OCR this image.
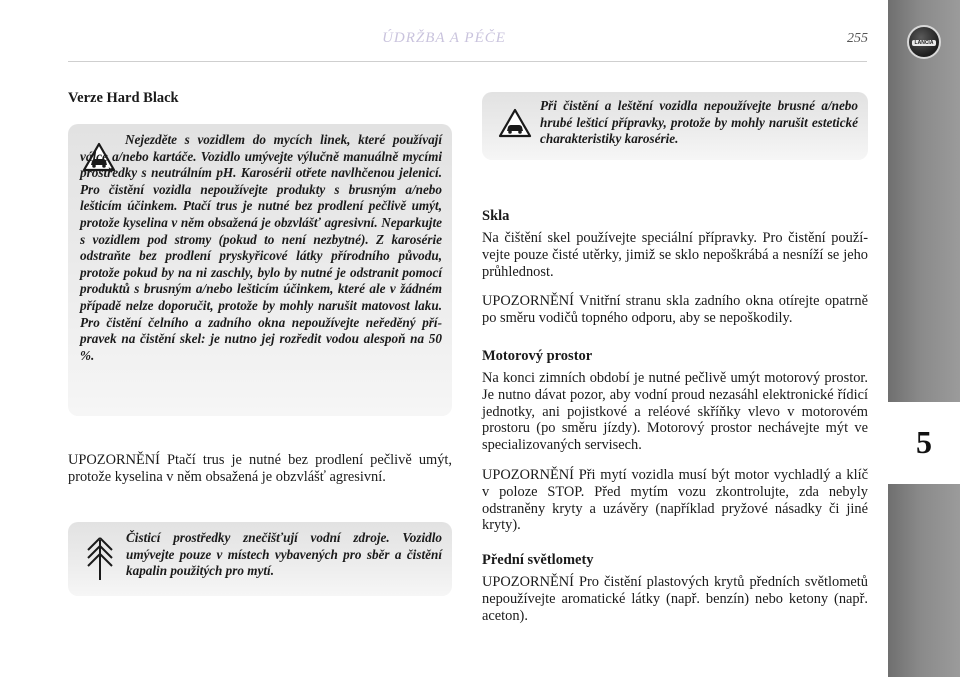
ÚDRŽBA A PÉČE	255	LANCIA
5

Verze Hard Black

Nejezděte s vozidlem do mycích linek, které používají válce a/nebo kartáče. Vozidlo umývejte výlučně manuálně mycími prostředky s neutrálním pH. Karosérii otřete navlhčenou jelenicí. Pro čistění vozidla nepoužívejte produkty s brusným a/nebo lešticím účinkem. Ptačí trus je nutné bez prodlení pečlivě umýt, protože kyselina v něm obsažená je obzvlášť agresivní. Neparkujte s vozidlem pod stromy (pokud to není nezbytné). Z karosérie odstraňte bez prodlení pryskyřicové látky přírodního původu, protože pokud by na ni zaschly, bylo by nutné je odstranit pomocí produktů s brusným a/nebo lešticím účinkem, které ale v žádném případě nelze doporučit, protože by mohly narušit matovost laku. Pro čistění čelního a zadního okna nepoužívejte neředěný přípravek na čistění skel: je nutno jej rozředit vodou alespoň na 50 %.

UPOZORNĚNÍ Ptačí trus je nutné bez prodlení pečlivě umýt, protože kyselina v něm obsažená je obzvlášť agresivní.

Čisticí prostředky znečišťují vodní zdroje. Vozidlo umývejte pouze v místech vybavených pro sběr a čistění kapalin použitých pro mytí.
Při čistění a leštění vozidla nepoužívejte brusné a/nebo hrubé lešticí přípravky, protože by mohly narušit estetické charakteristiky karosérie.

Skla

Na čištění skel používejte speciální přípravky. Pro čistění používejte pouze čisté utěrky, jimiž se sklo nepoškrábá a nesníží se jeho průhlednost.

UPOZORNĚNÍ Vnitřní stranu skla zadního okna otírejte opatrně po směru vodičů topného odporu, aby se nepoškodily.

Motorový prostor

Na konci zimních období je nutné pečlivě umýt motorový prostor. Je nutno dávat pozor, aby vodní proud nezasáhl elektronické řídicí jednotky, ani pojistkové a reléové skříňky vlevo v motorovém prostoru (po směru jízdy). Motorový prostor nechávejte mýt ve specializovaných servisech.

UPOZORNĚNÍ Při mytí vozidla musí být motor vychladlý a klíč v poloze STOP. Před mytím vozu zkontrolujte, zda nebyly odstraněny kryty a uzávěry (například pryžové násadky či jiné kryty).

Přední světlomety

UPOZORNĚNÍ Pro čistění plastových krytů předních světlometů nepoužívejte aromatické látky (např. benzín) nebo ketony (např. aceton).
